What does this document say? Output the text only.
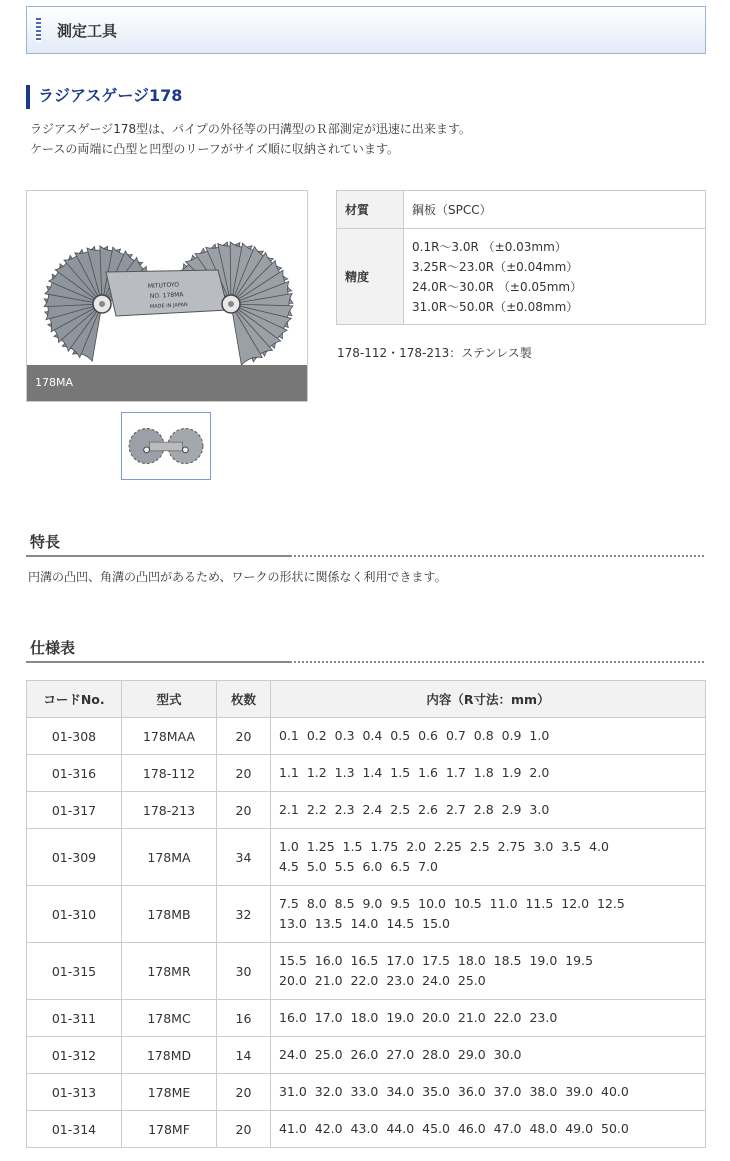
測定工具
ラジアスゲージ178
ラジアスゲージ178型は、パイプの外径等の円溝型のＲ部測定が迅速に出来ます。
ケースの両端に凸型と凹型のリーフがサイズ順に収納されています。
MITUTOYO
NO. 178MA
MADE IN JAPAN
178MA
材質	鋼板（SPCC）
精度	0.1R～3.0R （±0.03mm）
3.25R～23.0R（±0.04mm）
24.0R～30.0R （±0.05mm）
31.0R～50.0R（±0.08mm）
178-112・178-213：ステンレス製
特長
円溝の凸凹、角溝の凸凹があるため、ワークの形状に関係なく利用できます。
仕様表
コードNo.	型式	枚数	内容（R寸法：mm）
01-308	178MAA	20	0.1  0.2  0.3  0.4  0.5  0.6  0.7  0.8  0.9  1.0

01-316	178-112	20	1.1  1.2  1.3  1.4  1.5  1.6  1.7  1.8  1.9  2.0

01-317	178-213	20	2.1  2.2  2.3  2.4  2.5  2.6  2.7  2.8  2.9  3.0

01-309	178MA	34	1.0  1.25  1.5  1.75  2.0  2.25  2.5  2.75  3.0  3.5  4.0
4.5  5.0  5.5  6.0  6.5  7.0

01-310	178MB	32	7.5  8.0  8.5  9.0  9.5  10.0  10.5  11.0  11.5  12.0  12.5
13.0  13.5  14.0  14.5  15.0

01-315	178MR	30	15.5  16.0  16.5  17.0  17.5  18.0  18.5  19.0  19.5
20.0  21.0  22.0  23.0  24.0  25.0

01-311	178MC	16	16.0  17.0  18.0  19.0  20.0  21.0  22.0  23.0

01-312	178MD	14	24.0  25.0  26.0  27.0  28.0  29.0  30.0

01-313	178ME	20	31.0  32.0  33.0  34.0  35.0  36.0  37.0  38.0  39.0  40.0

01-314	178MF	20	41.0  42.0  43.0  44.0  45.0  46.0  47.0  48.0  49.0  50.0
